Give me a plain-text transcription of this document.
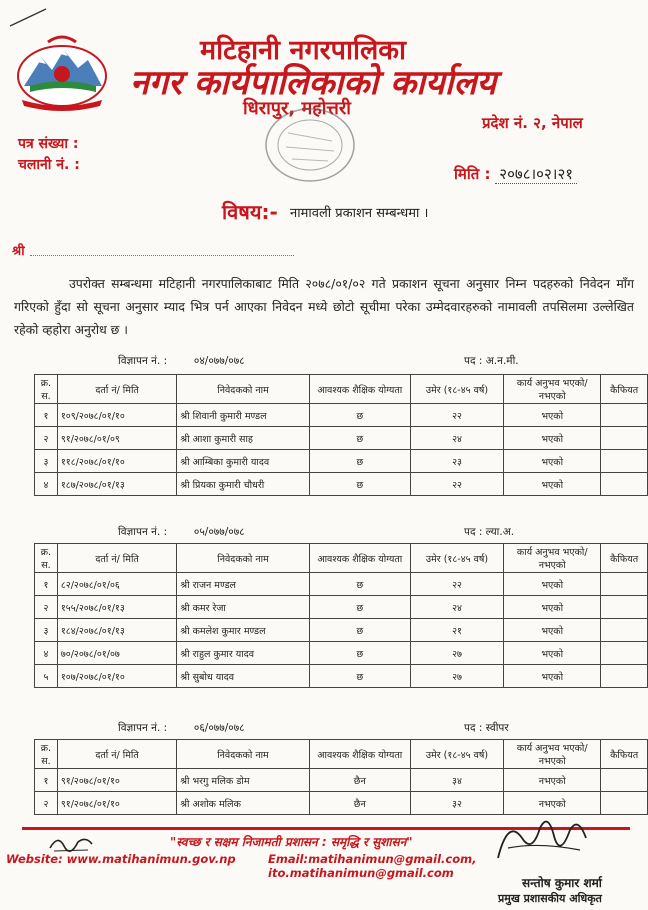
मटिहानी नगरपालिका
नगर कार्यपालिकाको कार्यालय
धिरापुर, महोत्तरी
प्रदेश नं. २, नेपाल
पत्र संख्या :
चलानी नं. :	मिति : २०७८।०२।२१
विषय:- नामावली प्रकाशन सम्बन्धमा ।
श्री
उपरोक्त सम्बन्धमा मटिहानी नगरपालिकाबाट मिति २०७८/०१/०२ गते प्रकाशन सूचना अनुसार निम्न पदहरुको निवेदन माँग गरिएको हुँदा सो सूचना अनुसार म्याद भित्र पर्न आएका निवेदन मध्ये छोटो सूचीमा परेका उम्मेदवारहरुको नामावली तपसिलमा उल्लेखित रहेको व्हहोरा अनुरोध छ ।
विज्ञापन नं. :	०४/०७७/०७८	पद : अ.न.मी.
क्र. स.	दर्ता नं/ मिति	निवेदकको नाम	आवश्यक शैक्षिक योग्यता	उमेर (१८-४५ वर्ष)	कार्य अनुभव भएको/नभएको	कैफियत
१	१०९/२०७८/०१/१०	श्री शिवानी कुमारी मण्डल	छ	२२	भएको	
२	९१/२०७८/०१/०९	श्री आशा कुमारी साह	छ	२४	भएको	
३	११८/२०७८/०१/१०	श्री आम्बिका कुमारी यादव	छ	२३	भएको	
४	१८७/२०७८/०१/१३	श्री प्रियका कुमारी चौधरी	छ	२२	भएको	
विज्ञापन नं. :	०५/०७७/०७८	पद : ल्या.अ.
क्र. स.	दर्ता नं/ मिति	निवेदकको नाम	आवश्यक शैक्षिक योग्यता	उमेर (१८-४५ वर्ष)	कार्य अनुभव भएको/नभएको	कैफियत
१	८२/२०७८/०१/०६	श्री राजन मण्डल	छ	२२	भएको	
२	१५५/२०७८/०१/१३	श्री कमर रेजा	छ	२४	भएको	
३	१८४/२०७८/०१/१३	श्री कमलेश कुमार मण्डल	छ	२१	भएको	
४	७०/२०७८/०१/०७	श्री राहुल कुमार यादव	छ	२७	भएको	
५	१०७/२०७८/०१/१०	श्री सुबोध यादव	छ	२७	भएको	
विज्ञापन नं. :	०६/०७७/०७८	पद : स्वीपर
क्र. स.	दर्ता नं/ मिति	निवेदकको नाम	आवश्यक शैक्षिक योग्यता	उमेर (१८-४५ वर्ष)	कार्य अनुभव भएको/नभएको	कैफियत
१	९१/२०७८/०१/१०	श्री भरगु मलिक डोम	छैन	३४	नभएको	
२	९१/२०७८/०१/१०	श्री अशोक मलिक	छैन	३२	नभएको	
"स्वच्छ र सक्षम निजामती प्रशासन : समृद्धि र सुशासन"
Website: www.matihanimun.gov.np	Email:matihanimun@gmail.com, ito.matihanimun@gmail.com
सन्तोष कुमार शर्मा
प्रमुख प्रशासकीय अधिकृत
